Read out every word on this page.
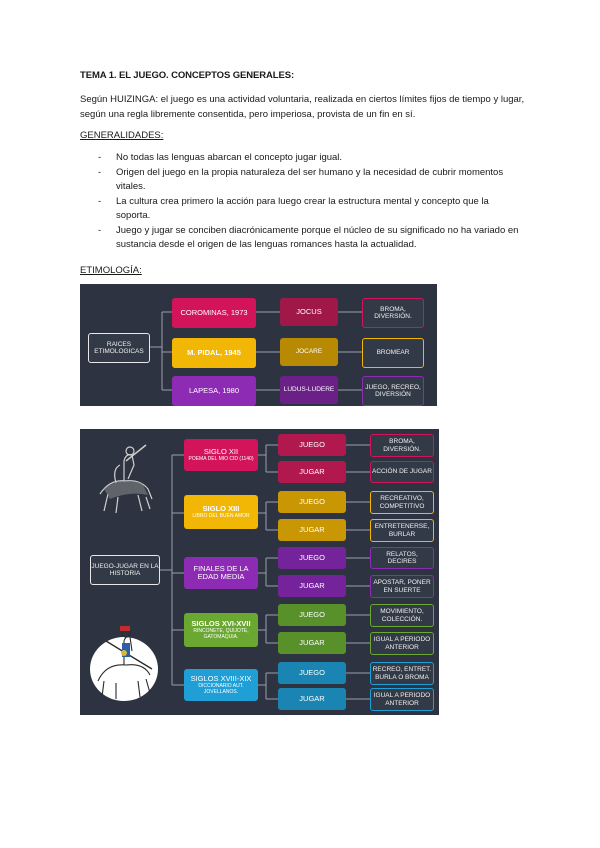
TEMA 1. EL JUEGO. CONCEPTOS GENERALES:
Según HUIZINGA: el juego es una actividad voluntaria, realizada en ciertos límites fijos de tiempo y lugar, según una regla libremente consentida, pero imperiosa, provista de un fin en sí.
GENERALIDADES:
- No todas las lenguas abarcan el concepto jugar igual.
- Origen del juego en la propia naturaleza del ser humano y la necesidad de cubrir momentos vitales.
- La cultura crea primero la acción para luego crear la estructura mental y concepto que la soporta.
- Juego y jugar se conciben diacrónicamente porque el núcleo de su significado no ha variado en sustancia desde el origen de las lenguas romances hasta la actualidad.
ETIMOLOGÍA:
RAICES ETIMOLOGICAS
COROMINAS, 1973
M. PIDAL, 1945
LAPESA, 1980
JOCUS
JOCARE
LUDUS-LUDERE
BROMA, DIVERSIÓN.
BROMEAR
JUEGO, RECREO, DIVERSIÓN
JUEGO-JUGAR EN LA HISTORIA
SIGLO XII
POEMA DEL MIO CID (1140)
SIGLO XIII
LIBRO DEL BUEN AMOR
FINALES DE LA EDAD MEDIA
SIGLOS XVI-XVII
RINCONETE, QUIJOTE, GATOMAQUIA.
SIGLOS XVIII-XIX
DICCIONARIO AUT. JOVELLANOS.
JUEGO
JUGAR
JUEGO
JUGAR
JUEGO
JUGAR
JUEGO
JUGAR
JUEGO
JUGAR
BROMA, DIVERSIÓN.
ACCIÓN DE JUGAR
RECREATIVO, COMPETITIVO
ENTRETENERSE, BURLAR
RELATOS, DECIRES
APOSTAR, PONER EN SUERTE
MOVIMIENTO, COLECCIÓN.
IGUAL A PERIODO ANTERIOR
RECREO, ENTRET. BURLA O BROMA
IGUAL A PERIODO ANTERIOR
